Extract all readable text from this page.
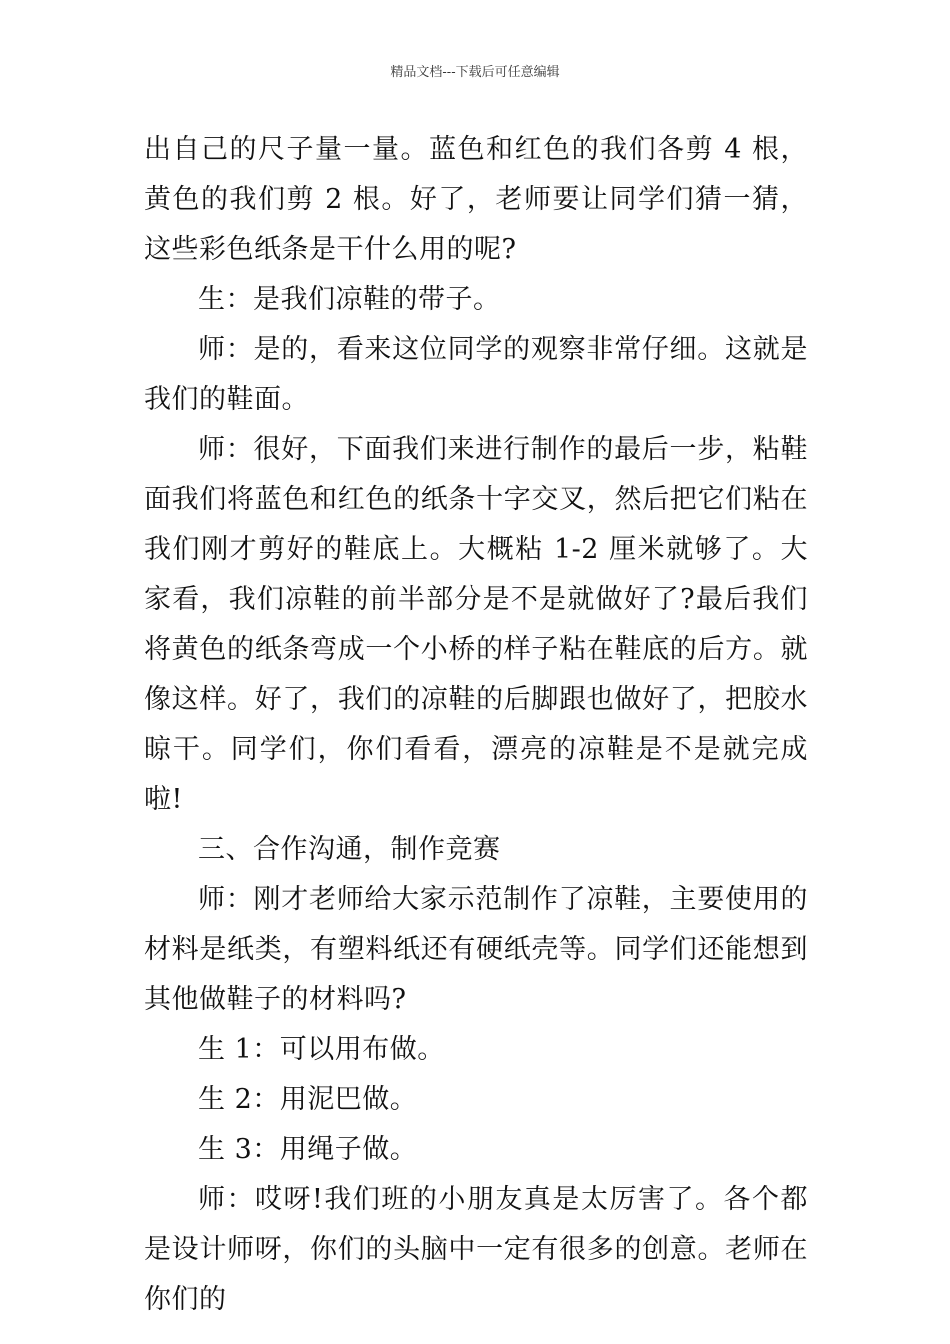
精品文档---下载后可任意编辑

出自己的尺子量一量。蓝色和红色的我们各剪 4 根，黄色的我们剪 2 根。好了，老师要让同学们猜一猜，这些彩色纸条是干什么用的呢?

生：是我们凉鞋的带子。

师：是的，看来这位同学的观察非常仔细。这就是我们的鞋面。

师：很好，下面我们来进行制作的最后一步，粘鞋面我们将蓝色和红色的纸条十字交叉，然后把它们粘在我们刚才剪好的鞋底上。大概粘 1-2 厘米就够了。大家看，我们凉鞋的前半部分是不是就做好了?最后我们将黄色的纸条弯成一个小桥的样子粘在鞋底的后方。就像这样。好了，我们的凉鞋的后脚跟也做好了，把胶水晾干。同学们，你们看看，漂亮的凉鞋是不是就完成啦!

三、合作沟通，制作竞赛

师：刚才老师给大家示范制作了凉鞋，主要使用的材料是纸类，有塑料纸还有硬纸壳等。同学们还能想到其他做鞋子的材料吗?

生 1：可以用布做。

生 2：用泥巴做。

生 3：用绳子做。

师：哎呀!我们班的小朋友真是太厉害了。各个都是设计师呀，你们的头脑中一定有很多的创意。老师在你们的
